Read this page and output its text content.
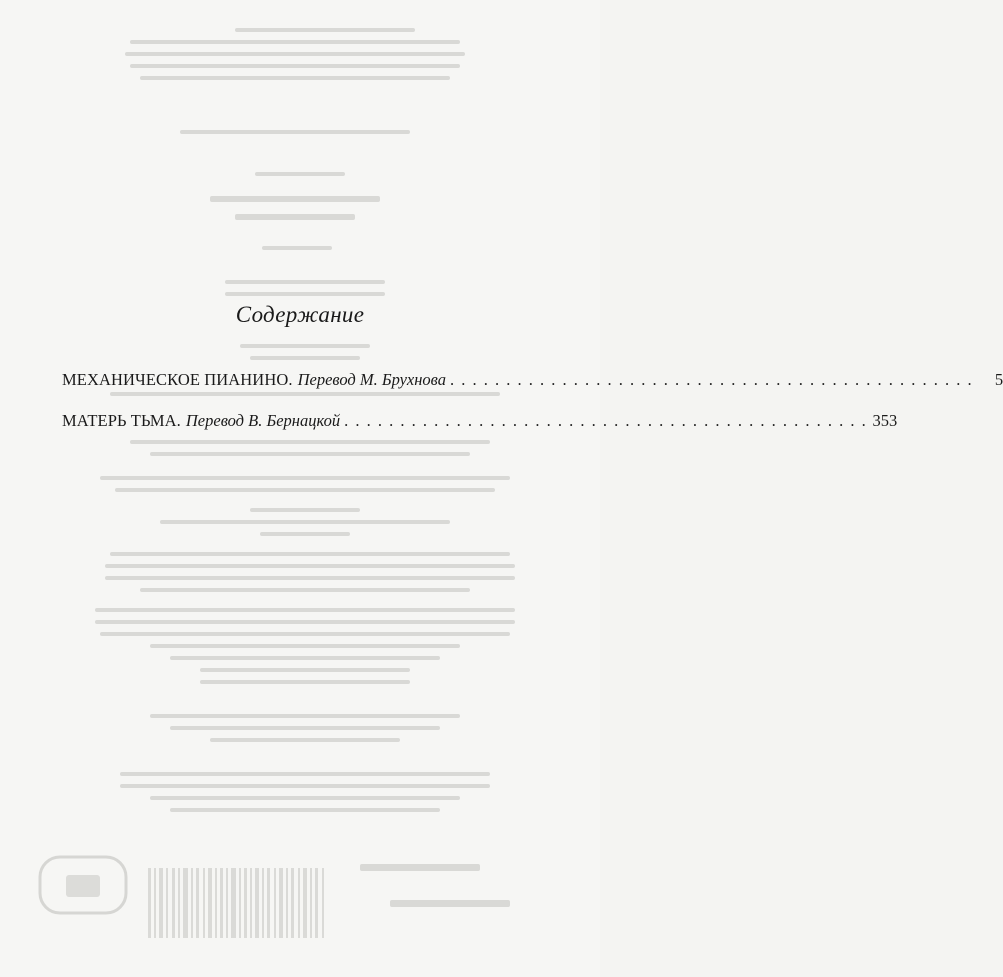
Содержание
МЕХАНИЧЕСКОЕ ПИАНИНО. Перевод М. Бруxнова . . . . . . . . . . . . . . . . . . . . . . . . . . . . . . . . . . . . . . . . . . . . . . .	5
МАТЕРЬ ТЬМА. Перевод В. Бернацкой . . . . . . . . . . . . . . . . . . . . . . . . . . . . . . . . . . . . . . . . . . . . . . . 353
